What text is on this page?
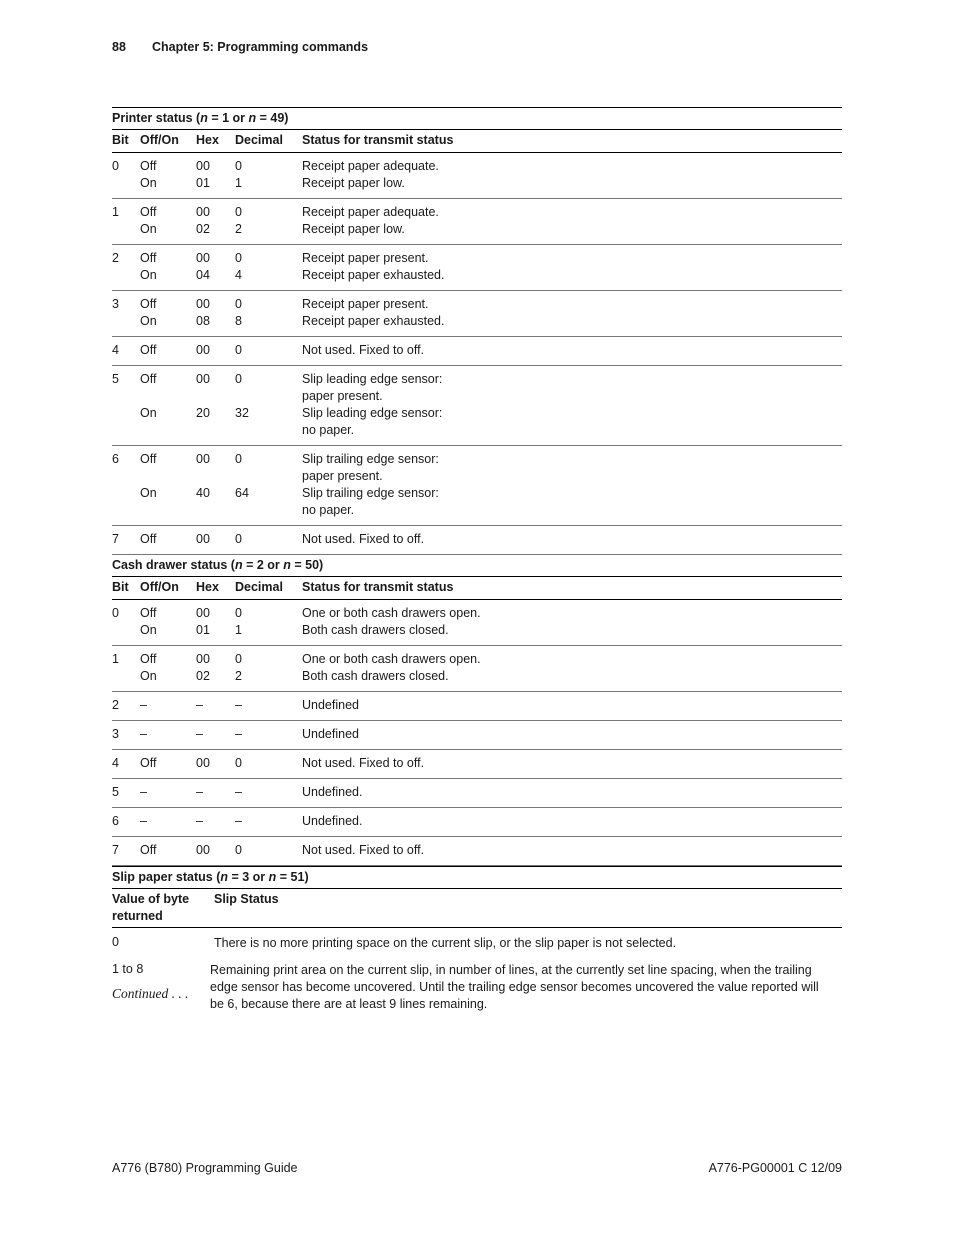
88 Chapter 5: Programming commands
Printer status (n = 1 or n = 49)
Bit Off/On Hex Decimal Status for transmit status
0 Off	00 0	Receipt paper adequate.
On	01 1	Receipt paper low.
1 Off	00 0	Receipt paper adequate.
On	02 2	Receipt paper low.
2 Off	00 0	Receipt paper present.
On	04 4	Receipt paper exhausted.
3 Off	00 0	Receipt paper present.
On	08 8	Receipt paper exhausted.
4 Off	00 0	Not used. Fixed to off.
5 Off	00 0	Slip leading edge sensor:
paper present.
On	20 32	Slip leading edge sensor:
no paper.
6 Off	00 0	Slip trailing edge sensor:
paper present.
On	40 64	Slip trailing edge sensor:
no paper.
7 Off	00 0	Not used. Fixed to off.
Cash drawer status (n = 2 or n = 50)
Bit Off/On Hex Decimal Status for transmit status
0 Off	00 0	One or both cash drawers open.
On	01 1	Both cash drawers closed.
1 Off	00 0	One or both cash drawers open.
On	02 2	Both cash drawers closed.
2 –	–	–	Undefined
3 –	–	–	Undefined
4 Off	00 0	Not used. Fixed to off.
5 –	–	–	Undefined.
6 –	–	–	Undefined.
7 Off	00 0	Not used. Fixed to off.
Slip paper status (n = 3 or n = 51)
Value of byte returned
Slip Status
0	There is no more printing space on the current slip, or the slip paper is not selected.
1 to 8	Remaining print area on the current slip, in number of lines, at the currently set line spacing, when the trailing edge sensor has become uncovered. Until the trailing edge sensor becomes uncovered the value reported will be 6, because there are at least 9 lines remaining.
Continued . . .
A776 (B780) Programming Guide	A776-PG00001 C 12/09
